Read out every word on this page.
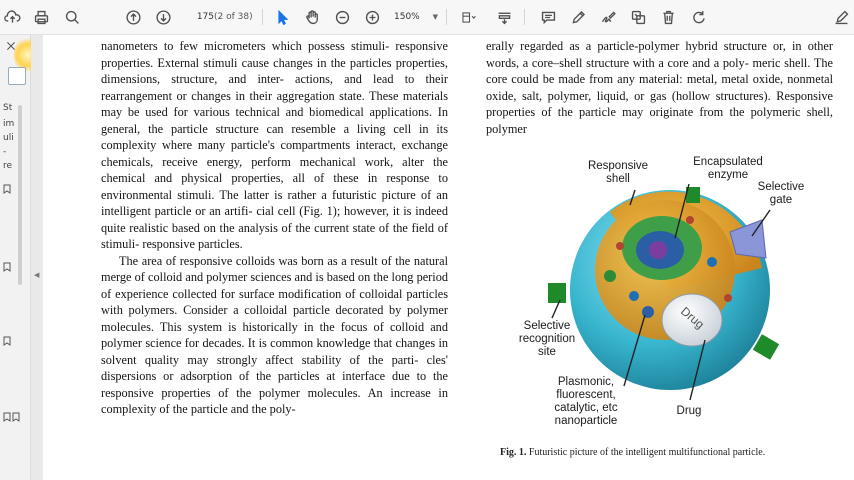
175 (2 of 38)	150% ▼
St
im
uli
-
re
◀

nanometers to few micrometers which possess stimuli- responsive properties. External stimuli cause changes in the particles properties, dimensions, structure, and inter- actions, and lead to their rearrangement or changes in their aggregation state. These materials may be used for various technical and biomedical applications. In general, the particle structure can resemble a living cell in its complexity where many particle's compartments interact, exchange chemicals, receive energy, perform mechanical work, alter the chemical and physical properties, all of these in response to environmental stimuli. The latter is rather a futuristic picture of an intelligent particle or an artifi- cial cell (Fig. 1); however, it is indeed quite realistic based on the analysis of the current state of the field of stimuli- responsive particles.

The area of responsive colloids was born as a result of the natural merge of colloid and polymer sciences and is based on the long period of experience collected for surface modification of colloidal particles with polymers. Consider a colloidal particle decorated by polymer molecules. This system is historically in the focus of colloid and polymer science for decades. It is common knowledge that changes in solvent quality may strongly affect stability of the parti- cles' dispersions or adsorption of the particles at interface due to the responsive properties of the polymer molecules. An increase in complexity of the particle and the poly-

erally regarded as a particle-polymer hybrid structure or, in other words, a core–shell structure with a core and a poly- meric shell. The core could be made from any material: metal, metal oxide, nonmetal oxide, salt, polymer, liquid, or gas (hollow structures). Responsive properties of the particle may originate from the polymeric shell, polymer

Drug
Responsive
shell
Encapsulated
enzyme
Selective
gate
Selective
recognition
site
Plasmonic,
fluorescent,
catalytic, etc
nanoparticle
Drug
Fig. 1. Futuristic picture of the intelligent multifunctional particle.
